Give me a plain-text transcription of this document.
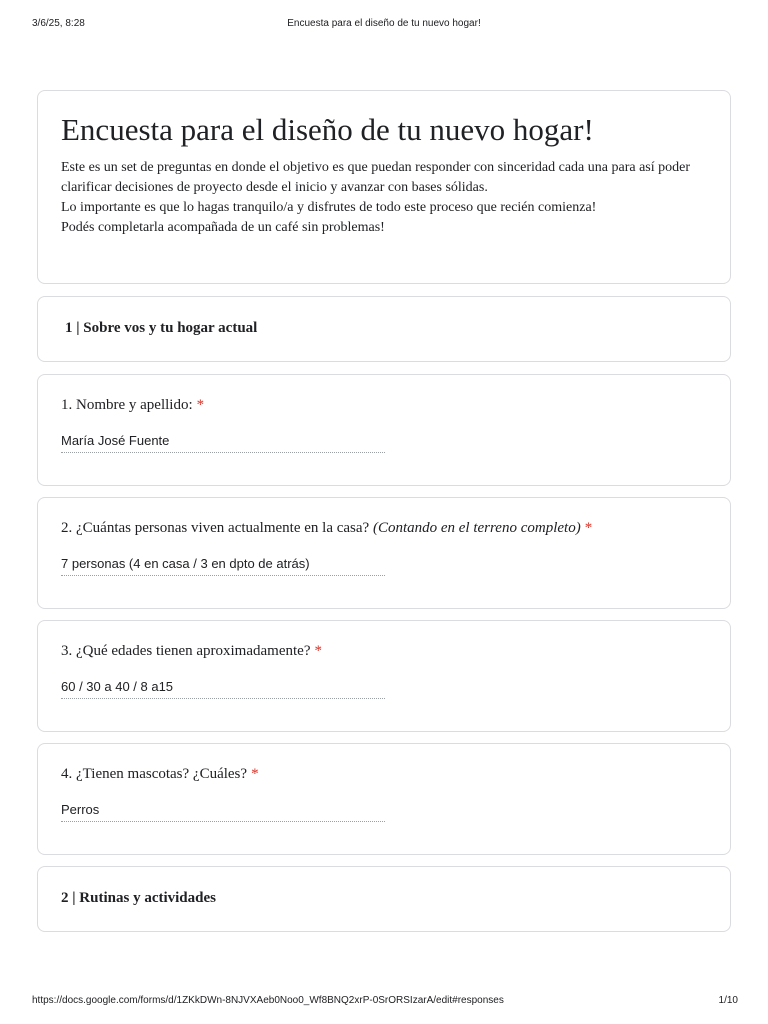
3/6/25, 8:28	Encuesta para el diseño de tu nuevo hogar!
Encuesta para el diseño de tu nuevo hogar!

Este es un set de preguntas en donde el objetivo es que puedan responder con sinceridad cada una para así poder clarificar decisiones de proyecto desde el inicio y avanzar con bases sólidas.

Lo importante es que lo hagas tranquilo/a y disfrutes de todo este proceso que recién comienza!

Podés completarla acompañada de un café sin problemas!

1 | Sobre vos y tu hogar actual
1. Nombre y apellido: *
María José Fuente
2. ¿Cuántas personas viven actualmente en la casa? (Contando en el terreno completo) *
7 personas (4 en casa / 3 en dpto de atrás)
3. ¿Qué edades tienen aproximadamente? *
60 / 30 a 40 / 8 a15
4. ¿Tienen mascotas? ¿Cuáles? *
Perros
2 | Rutinas y actividades
https://docs.google.com/forms/d/1ZKkDWn-8NJVXAeb0Noo0_Wf8BNQ2xrP-0SrORSIzarA/edit#responses	1/10
